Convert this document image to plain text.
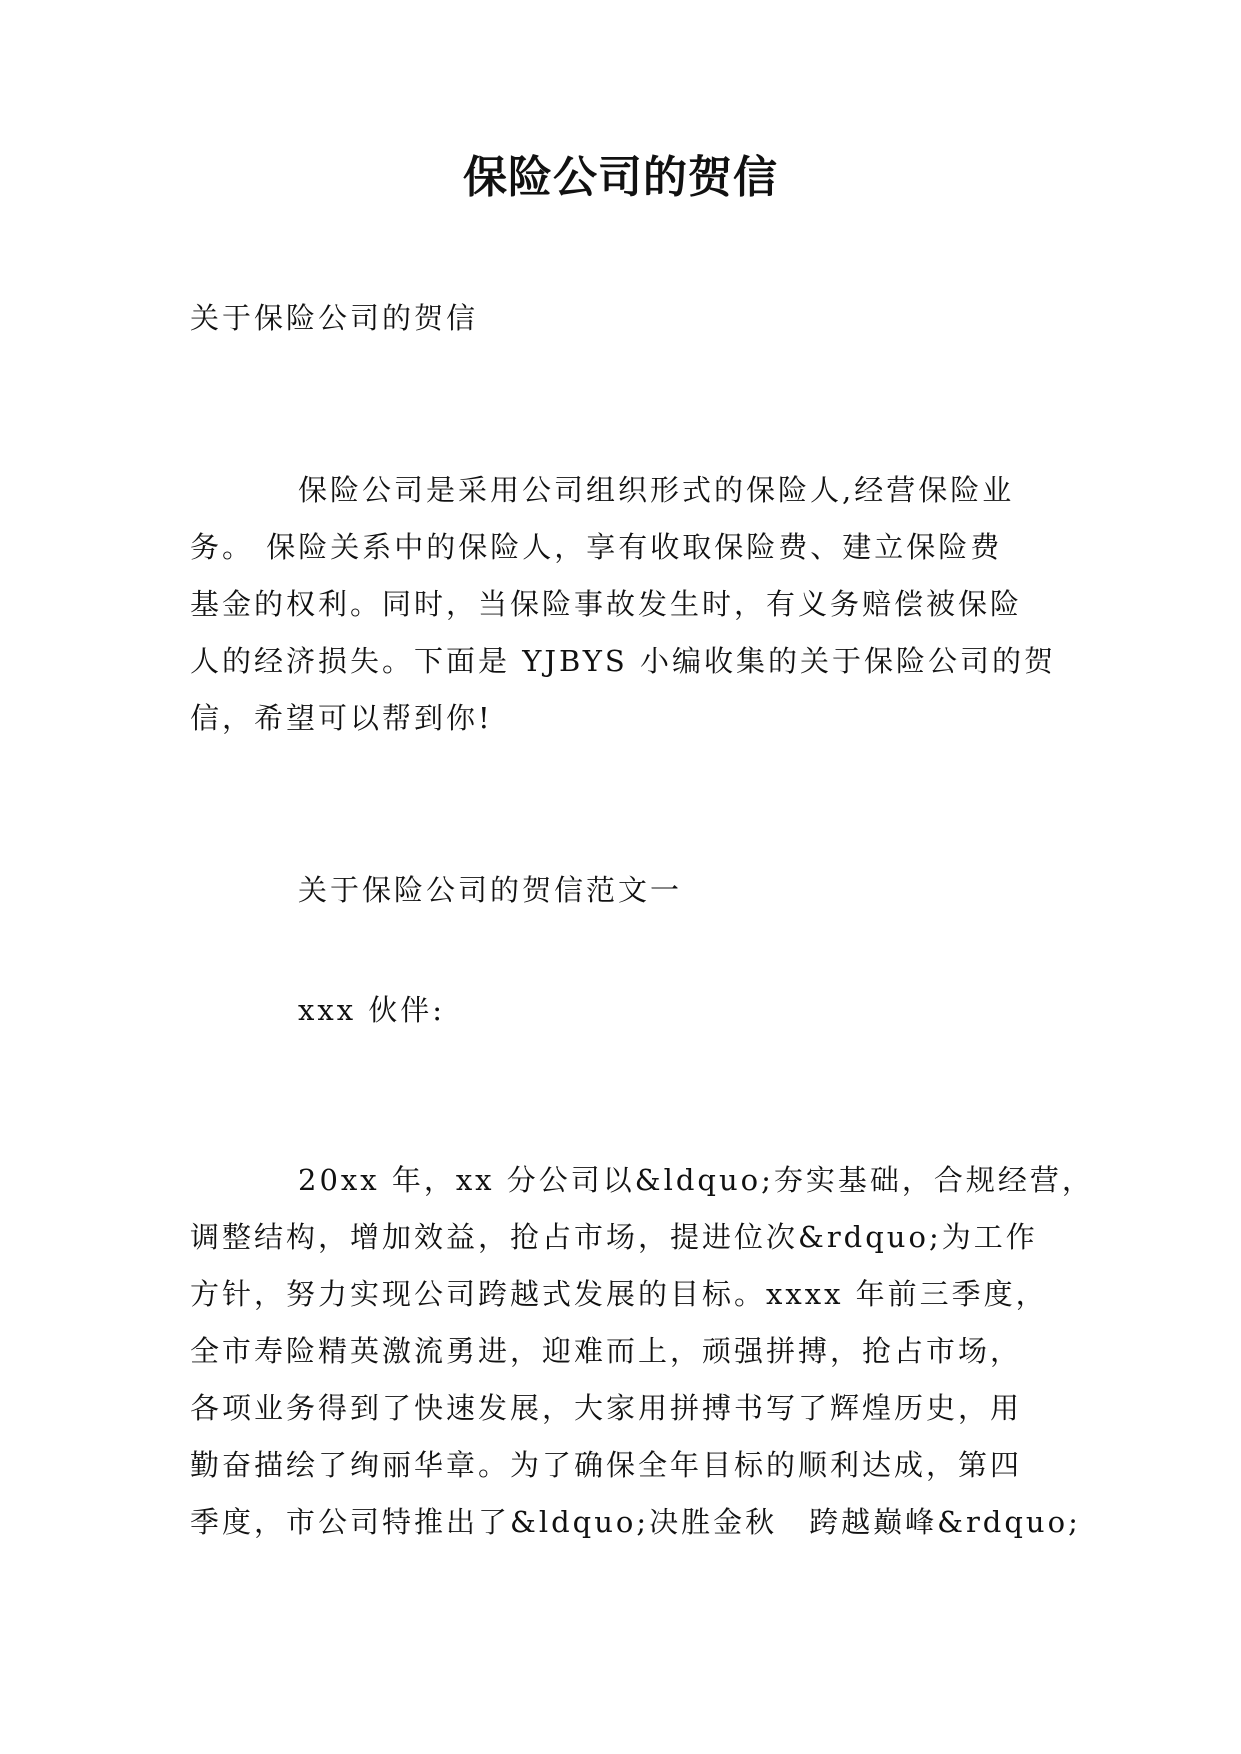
保险公司的贺信
关于保险公司的贺信
保险公司是采用公司组织形式的保险人,经营保险业
务。 保险关系中的保险人，享有收取保险费、建立保险费
基金的权利。同时，当保险事故发生时，有义务赔偿被保险
人的经济损失。下面是 YJBYS 小编收集的关于保险公司的贺
信，希望可以帮到你!
关于保险公司的贺信范文一
xxx 伙伴:
20xx 年，xx 分公司以&ldquo;夯实基础，合规经营，
调整结构，增加效益，抢占市场，提进位次&rdquo;为工作
方针，努力实现公司跨越式发展的目标。xxxx 年前三季度，
全市寿险精英激流勇进，迎难而上，顽强拼搏，抢占市场，
各项业务得到了快速发展，大家用拼搏书写了辉煌历史，用
勤奋描绘了绚丽华章。为了确保全年目标的顺利达成，第四
季度，市公司特推出了&ldquo;决胜金秋　跨越巅峰&rdquo;
